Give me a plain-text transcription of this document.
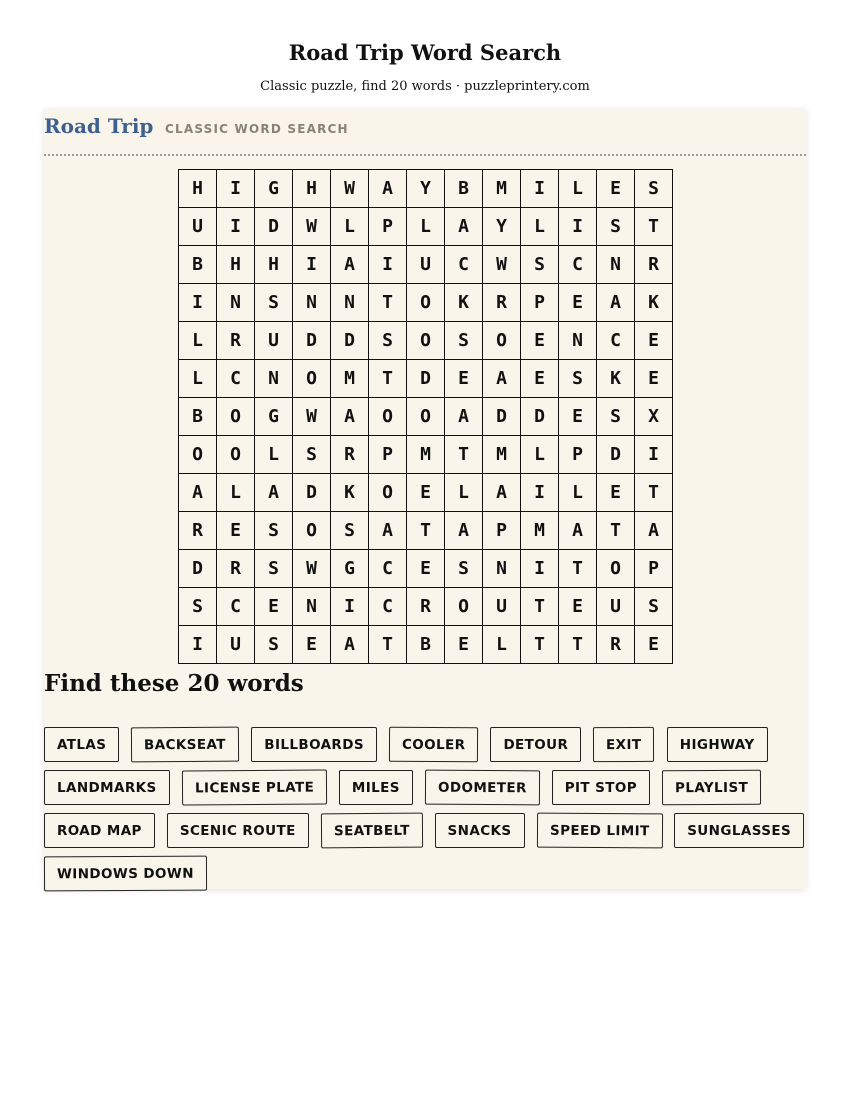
Road Trip Word Search
Classic puzzle, find 20 words · puzzleprintery.com
Road Trip CLASSIC WORD SEARCH
H	I	G	H	W	A	Y	B	M	I	L	E	S
U	I	D	W	L	P	L	A	Y	L	I	S	T
B	H	H	I	A	I	U	C	W	S	C	N	R
I	N	S	N	N	T	O	K	R	P	E	A	K
L	R	U	D	D	S	O	S	O	E	N	C	E
L	C	N	O	M	T	D	E	A	E	S	K	E
B	O	G	W	A	O	O	A	D	D	E	S	X
O	O	L	S	R	P	M	T	M	L	P	D	I
A	L	A	D	K	O	E	L	A	I	L	E	T
R	E	S	O	S	A	T	A	P	M	A	T	A
D	R	S	W	G	C	E	S	N	I	T	O	P
S	C	E	N	I	C	R	O	U	T	E	U	S
I	U	S	E	A	T	B	E	L	T	T	R	E
Find these 20 words
ATLAS	BACKSEAT	BILLBOARDS	COOLER	DETOUR	EXIT	HIGHWAY
LANDMARKS	LICENSE PLATE	MILES	ODOMETER	PIT STOP	PLAYLIST
ROAD MAP	SCENIC ROUTE	SEATBELT	SNACKS	SPEED LIMIT	SUNGLASSES
WINDOWS DOWN
